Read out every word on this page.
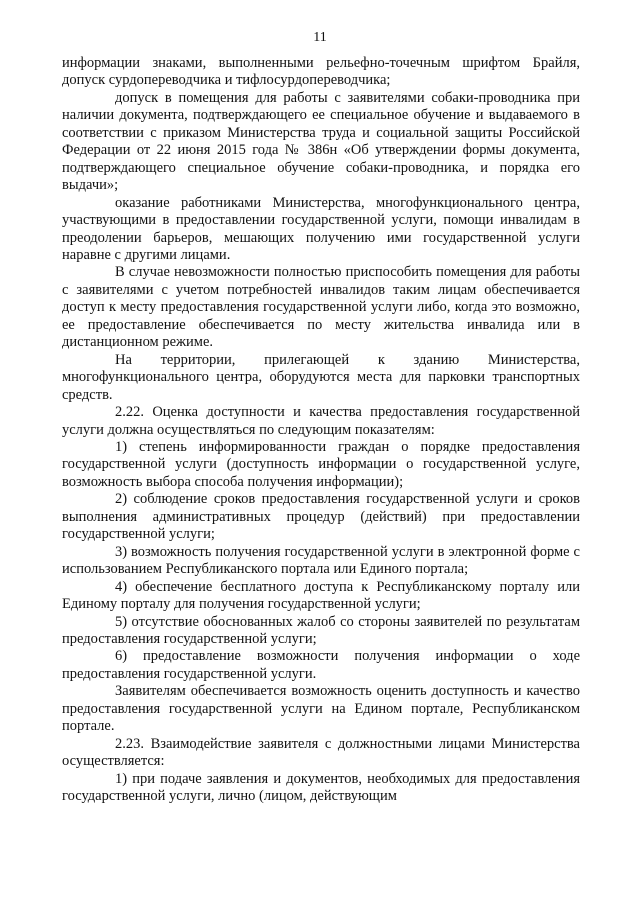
11

информации знаками, выполненными рельефно-точечным шрифтом Брайля, допуск сурдопереводчика и тифлосурдопереводчика;

допуск в помещения для работы с заявителями собаки-проводника при наличии документа, подтверждающего ее специальное обучение и выдаваемого в соответствии с приказом Министерства труда и социальной защиты Российской Федерации от 22 июня 2015 года № 386н «Об утверждении формы документа, подтверждающего специальное обучение собаки-проводника, и порядка его выдачи»;

оказание работниками Министерства, многофункционального центра, участвующими в предоставлении государственной услуги, помощи инвалидам в преодолении барьеров, мешающих получению ими государственной услуги наравне с другими лицами.

В случае невозможности полностью приспособить помещения для работы с заявителями с учетом потребностей инвалидов таким лицам обеспечивается доступ к месту предоставления государственной услуги либо, когда это возможно, ее предоставление обеспечивается по месту жительства инвалида или в дистанционном режиме.

На территории, прилегающей к зданию Министерства, многофункционального центра, оборудуются места для парковки транспортных средств.

2.22. Оценка доступности и качества предоставления государственной услуги должна осуществляться по следующим показателям:

1) степень информированности граждан о порядке предоставления государственной услуги (доступность информации о государственной услуге, возможность выбора способа получения информации);

2) соблюдение сроков предоставления государственной услуги и сроков выполнения административных процедур (действий) при предоставлении государственной услуги;

3) возможность получения государственной услуги в электронной форме с использованием Республиканского портала или Единого портала;

4) обеспечение бесплатного доступа к Республиканскому порталу или Единому порталу для получения государственной услуги;

5) отсутствие обоснованных жалоб со стороны заявителей по результатам предоставления государственной услуги;

6) предоставление возможности получения информации о ходе предоставления государственной услуги.

Заявителям обеспечивается возможность оценить доступность и качество предоставления государственной услуги на Едином портале, Республиканском портале.

2.23. Взаимодействие заявителя с должностными лицами Министерства осуществляется:

1) при подаче заявления и документов, необходимых для предоставления государственной услуги, лично (лицом, действующим
